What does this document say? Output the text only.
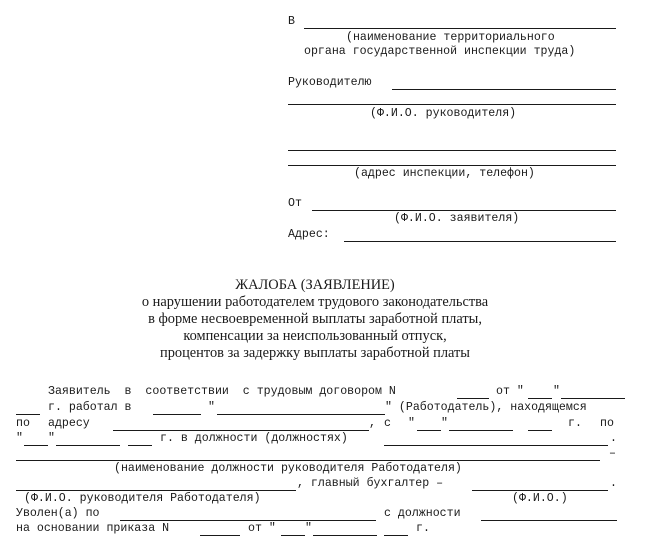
В
(наименование территориального
органа государственной инспекции труда)
Руководителю
(Ф.И.О. руководителя)
(адрес инспекции, телефон)
От
(Ф.И.О. заявителя)
Адрес:
ЖАЛОБА (ЗАЯВЛЕНИЕ)
о нарушении работодателем трудового законодательства
в форме несвоевременной выплаты заработной платы,
компенсации за неиспользованный отпуск,
процентов за задержку выплаты заработной платы
Заявитель  в  соответствии  с трудовым договором N	от "	"
г. работал в	"	" (Работодатель), находящемся
по адресу	, с " "	г. по
" "	г. в должности (должностях)	.
–
(наименование должности руководителя Работодателя)
, главный бухгалтер –	.
(Ф.И.О. руководителя Работодателя)	(Ф.И.О.)
Уволен(а) по	с должности
на основании приказа N	от "	"	г.
